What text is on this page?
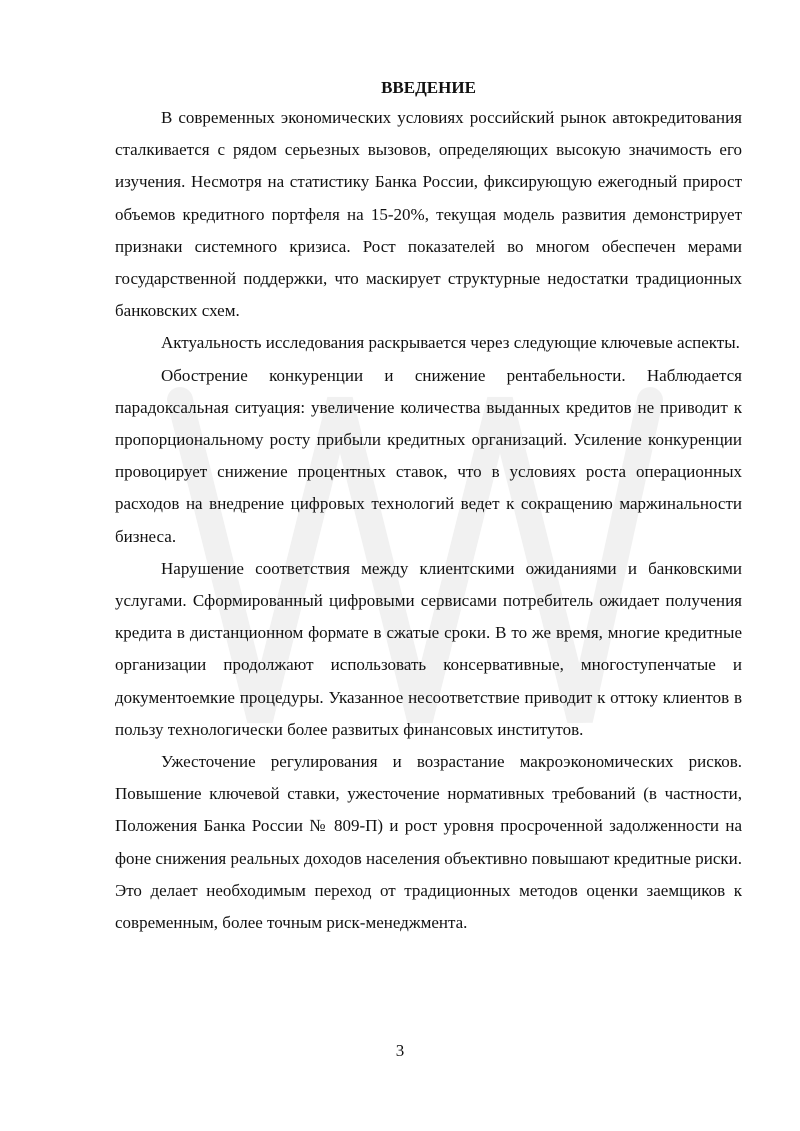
ВВЕДЕНИЕ

В современных экономических условиях российский рынок автокредитования сталкивается с рядом серьезных вызовов, определяющих высокую значимость его изучения. Несмотря на статистику Банка России, фиксирующую ежегодный прирост объемов кредитного портфеля на 15-20%, текущая модель развития демонстрирует признаки системного кризиса. Рост показателей во многом обеспечен мерами государственной поддержки, что маскирует структурные недостатки традиционных банковских схем.

Актуальность исследования раскрывается через следующие ключевые аспекты.

Обострение конкуренции и снижение рентабельности. Наблюдается парадоксальная ситуация: увеличение количества выданных кредитов не приводит к пропорциональному росту прибыли кредитных организаций. Усиление конкуренции провоцирует снижение процентных ставок, что в условиях роста операционных расходов на внедрение цифровых технологий ведет к сокращению маржинальности бизнеса.

Нарушение соответствия между клиентскими ожиданиями и банковскими услугами. Сформированный цифровыми сервисами потребитель ожидает получения кредита в дистанционном формате в сжатые сроки. В то же время, многие кредитные организации продолжают использовать консервативные, многоступенчатые и документоемкие процедуры. Указанное несоответствие приводит к оттоку клиентов в пользу технологически более развитых финансовых институтов.

Ужесточение регулирования и возрастание макроэкономических рисков. Повышение ключевой ставки, ужесточение нормативных требований (в частности, Положения Банка России № 809-П) и рост уровня просроченной задолженности на фоне снижения реальных доходов населения объективно повышают кредитные риски. Это делает необходимым переход от традиционных методов оценки заемщиков к современным, более точным риск-менеджмента.

3
